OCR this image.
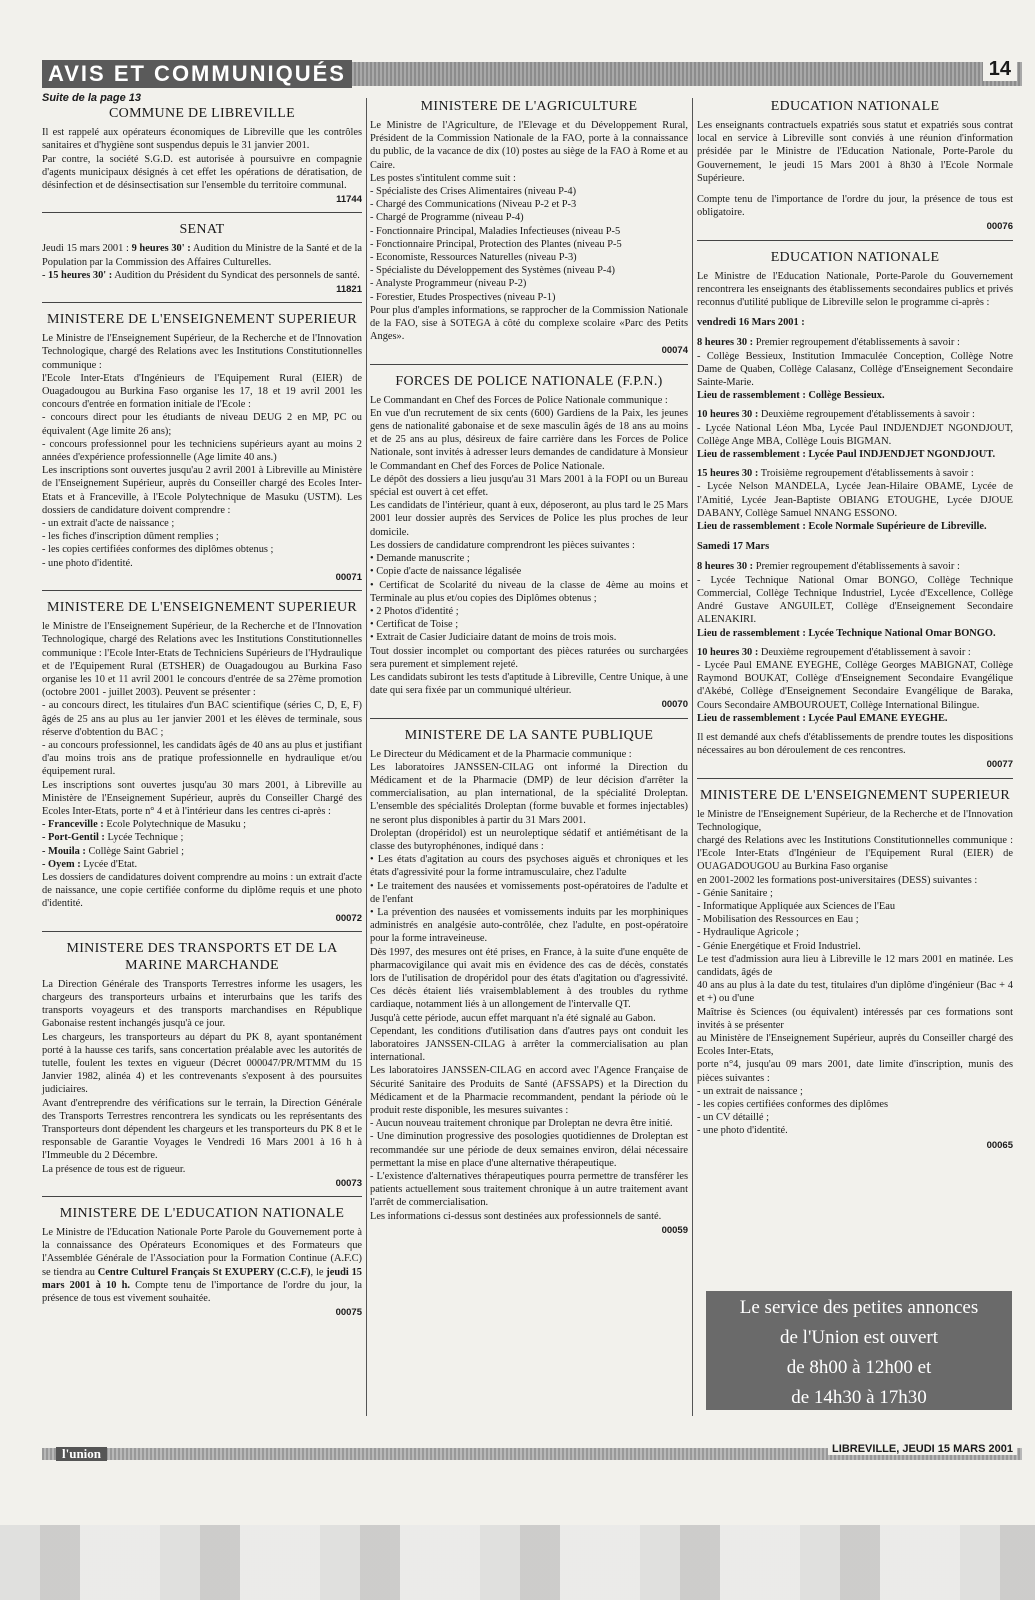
AVIS ET COMMUNIQUÉS	14

Suite de la page 13

COMMUNE DE LIBREVILLE

Il est rappelé aux opérateurs économiques de Libreville que les contrôles sanitaires et d'hygiène sont suspendus depuis le 31 janvier 2001.

Par contre, la société S.G.D. est autorisée à poursuivre en compagnie d'agents municipaux désignés à cet effet les opérations de dératisation, de désinfection et de désinsectisation sur l'ensemble du territoire communal.

11744
SENAT

Jeudi 15 mars 2001 : 9 heures 30' : Audition du Ministre de la Santé et de la Population par la Commission des Affaires Culturelles.

- 15 heures 30' : Audition du Président du Syndicat des personnels de santé.

11821
MINISTERE DE L'ENSEIGNEMENT SUPERIEUR

Le Ministre de l'Enseignement Supérieur, de la Recherche et de l'Innovation Technologique, chargé des Relations avec les Institutions Constitutionnelles communique :

l'Ecole Inter-Etats d'Ingénieurs de l'Equipement Rural (EIER) de Ouagadougou au Burkina Faso organise les 17, 18 et 19 avril 2001 les concours d'entrée en formation initiale de l'Ecole :

- concours direct pour les étudiants de niveau DEUG 2 en MP, PC ou équivalent (Age limite 26 ans);

- concours professionnel pour les techniciens supérieurs ayant au moins 2 années d'expérience professionnelle (Age limite 40 ans.)

Les inscriptions sont ouvertes jusqu'au 2 avril 2001 à Libreville au Ministère de l'Enseignement Supérieur, auprès du Conseiller chargé des Ecoles Inter-Etats et à Franceville, à l'Ecole Polytechnique de Masuku (USTM). Les dossiers de candidature doivent comprendre :

- un extrait d'acte de naissance ;

- les fiches d'inscription dûment remplies ;

- les copies certifiées conformes des diplômes obtenus ;

- une photo d'identité.

00071
MINISTERE DE L'ENSEIGNEMENT SUPERIEUR

le Ministre de l'Enseignement Supérieur, de la Recherche et de l'Innovation Technologique, chargé des Relations avec les Institutions Constitutionnelles communique : l'Ecole Inter-Etats de Techniciens Supérieurs de l'Hydraulique et de l'Equipement Rural (ETSHER) de Ouagadougou au Burkina Faso organise les 10 et 11 avril 2001 le concours d'entrée de sa 27ème promotion (octobre 2001 - juillet 2003). Peuvent se présenter :

- au concours direct, les titulaires d'un BAC scientifique (séries C, D, E, F) âgés de 25 ans au plus au 1er janvier 2001 et les élèves de terminale, sous réserve d'obtention du BAC ;

- au concours professionnel, les candidats âgés de 40 ans au plus et justifiant d'au moins trois ans de pratique professionnelle en hydraulique et/ou équipement rural.

Les inscriptions sont ouvertes jusqu'au 30 mars 2001, à Libreville au Ministère de l'Enseignement Supérieur, auprès du Conseiller Chargé des Ecoles Inter-Etats, porte n° 4 et à l'intérieur dans les centres ci-après :

- Franceville : Ecole Polytechnique de Masuku ;

- Port-Gentil : Lycée Technique ;

- Mouila : Collège Saint Gabriel ;

- Oyem : Lycée d'Etat.

Les dossiers de candidatures doivent comprendre au moins : un extrait d'acte de naissance, une copie certifiée conforme du diplôme requis et une photo d'identité.

00072
MINISTERE DES TRANSPORTS ET DE LA MARINE MARCHANDE

La Direction Générale des Transports Terrestres informe les usagers, les chargeurs des transporteurs urbains et interurbains que les tarifs des transports voyageurs et des transports marchandises en République Gabonaise restent inchangés jusqu'à ce jour.

Les chargeurs, les transporteurs au départ du PK 8, ayant spontanément porté à la hausse ces tarifs, sans concertation préalable avec les autorités de tutelle, foulent les textes en vigueur (Décret 000047/PR/MTMM du 15 Janvier 1982, alinéa 4) et les contrevenants s'exposent à des poursuites judiciaires.

Avant d'entreprendre des vérifications sur le terrain, la Direction Générale des Transports Terrestres rencontrera les syndicats ou les représentants des Transporteurs dont dépendent les chargeurs et les transporteurs du PK 8 et le responsable de Garantie Voyages le Vendredi 16 Mars 2001 à 16 h à l'Immeuble du 2 Décembre.

La présence de tous est de rigueur.

00073
MINISTERE DE L'EDUCATION NATIONALE

Le Ministre de l'Education Nationale Porte Parole du Gouvernement porte à la connaissance des Opérateurs Economiques et des Formateurs que l'Assemblée Générale de l'Association pour la Formation Continue (A.F.C) se tiendra au Centre Culturel Français St EXUPERY (C.C.F), le jeudi 15 mars 2001 à 10 h. Compte tenu de l'importance de l'ordre du jour, la présence de tous est vivement souhaitée.

00075
MINISTERE DE L'AGRICULTURE

Le Ministre de l'Agriculture, de l'Elevage et du Développement Rural, Président de la Commission Nationale de la FAO, porte à la connaissance du public, de la vacance de dix (10) postes au siège de la FAO à Rome et au Caire.

Les postes s'intitulent comme suit :

- Spécialiste des Crises Alimentaires (niveau P-4)

- Chargé des Communications (Niveau P-2 et P-3

- Chargé de Programme (niveau P-4)

- Fonctionnaire Principal, Maladies Infectieuses (niveau P-5

- Fonctionnaire Principal, Protection des Plantes (niveau P-5

- Economiste, Ressources Naturelles (niveau P-3)

- Spécialiste du Développement des Systèmes (niveau P-4)

- Analyste Programmeur (niveau P-2)

- Forestier, Etudes Prospectives (niveau P-1)

Pour plus d'amples informations, se rapprocher de la Commission Nationale de la FAO, sise à SOTEGA à côté du complexe scolaire «Parc des Petits Anges».

00074
FORCES DE POLICE NATIONALE (F.P.N.)

Le Commandant en Chef des Forces de Police Nationale communique :

En vue d'un recrutement de six cents (600) Gardiens de la Paix, les jeunes gens de nationalité gabonaise et de sexe masculin âgés de 18 ans au moins et de 25 ans au plus, désireux de faire carrière dans les Forces de Police Nationale, sont invités à adresser leurs demandes de candidature à Monsieur le Commandant en Chef des Forces de Police Nationale.

Le dépôt des dossiers a lieu jusqu'au 31 Mars 2001 à la FOPI ou un Bureau spécial est ouvert à cet effet.

Les candidats de l'intérieur, quant à eux, déposeront, au plus tard le 25 Mars 2001 leur dossier auprès des Services de Police les plus proches de leur domicile.

Les dossiers de candidature comprendront les pièces suivantes :

• Demande manuscrite ;

• Copie d'acte de naissance légalisée

• Certificat de Scolarité du niveau de la classe de 4ème au moins et Terminale au plus et/ou copies des Diplômes obtenus ;

• 2 Photos d'identité ;

• Certificat de Toise ;

• Extrait de Casier Judiciaire datant de moins de trois mois.

Tout dossier incomplet ou comportant des pièces raturées ou surchargées sera purement et simplement rejeté.

Les candidats subiront les tests d'aptitude à Libreville, Centre Unique, à une date qui sera fixée par un communiqué ultérieur.

00070
MINISTERE DE LA SANTE PUBLIQUE

Le Directeur du Médicament et de la Pharmacie communique :

Les laboratoires JANSSEN-CILAG ont informé la Direction du Médicament et de la Pharmacie (DMP) de leur décision d'arrêter la commercialisation, au plan international, de la spécialité Droleptan. L'ensemble des spécialités Droleptan (forme buvable et formes injectables) ne seront plus disponibles à partir du 31 Mars 2001.

Droleptan (dropéridol) est un neuroleptique sédatif et antiémétisant de la classe des butyrophénones, indiqué dans :

• Les états d'agitation au cours des psychoses aiguës et chroniques et les états d'agressivité pour la forme intramusculaire, chez l'adulte

• Le traitement des nausées et vomissements post-opératoires de l'adulte et de l'enfant

• La prévention des nausées et vomissements induits par les morphiniques administrés en analgésie auto-contrôlée, chez l'adulte, en post-opératoire pour la forme intraveineuse.

Dès 1997, des mesures ont été prises, en France, à la suite d'une enquête de pharmacovigilance qui avait mis en évidence des cas de décès, constatés lors de l'utilisation de dropéridol pour des états d'agitation ou d'agressivité. Ces décès étaient liés vraisemblablement à des troubles du rythme cardiaque, notamment liés à un allongement de l'intervalle QT.

Jusqu'à cette période, aucun effet marquant n'a été signalé au Gabon.

Cependant, les conditions d'utilisation dans d'autres pays ont conduit les laboratoires JANSSEN-CILAG à arrêter la commercialisation au plan international.

Les laboratoires JANSSEN-CILAG en accord avec l'Agence Française de Sécurité Sanitaire des Produits de Santé (AFSSAPS) et la Direction du Médicament et de la Pharmacie recommandent, pendant la période où le produit reste disponible, les mesures suivantes :

- Aucun nouveau traitement chronique par Droleptan ne devra être initié.

- Une diminution progressive des posologies quotidiennes de Droleptan est recommandée sur une période de deux semaines environ, délai nécessaire permettant la mise en place d'une alternative thérapeutique.

- L'existence d'alternatives thérapeutiques pourra permettre de transférer les patients actuellement sous traitement chronique à un autre traitement avant l'arrêt de commercialisation.

Les informations ci-dessus sont destinées aux professionnels de santé.

00059
EDUCATION NATIONALE

Les enseignants contractuels expatriés sous statut et expatriés sous contrat local en service à Libreville sont conviés à une réunion d'information présidée par le Ministre de l'Education Nationale, Porte-Parole du Gouvernement, le jeudi 15 Mars 2001 à 8h30 à l'Ecole Normale Supérieure.

Compte tenu de l'importance de l'ordre du jour, la présence de tous est obligatoire.

00076
EDUCATION NATIONALE

Le Ministre de l'Education Nationale, Porte-Parole du Gouvernement rencontrera les enseignants des établissements secondaires publics et privés reconnus d'utilité publique de Libreville selon le programme ci-après :

vendredi 16 Mars 2001 :

8 heures 30 : Premier regroupement d'établissements à savoir :

- Collège Bessieux, Institution Immaculée Conception, Collège Notre Dame de Quaben, Collège Calasanz, Collège d'Enseignement Secondaire Sainte-Marie.

Lieu de rassemblement : Collège Bessieux.

10 heures 30 : Deuxième regroupement d'établissements à savoir :

- Lycée National Léon Mba, Lycée Paul INDJENDJET NGONDJOUT, Collège Ange MBA, Collège Louis BIGMAN.

Lieu de rassemblement : Lycée Paul INDJENDJET NGONDJOUT.

15 heures 30 : Troisième regroupement d'établissements à savoir :

- Lycée Nelson MANDELA, Lycée Jean-Hilaire OBAME, Lycée de l'Amitié, Lycée Jean-Baptiste OBIANG ETOUGHE, Lycée DJOUE DABANY, Collège Samuel NNANG ESSONO.

Lieu de rassemblement : Ecole Normale Supérieure de Libreville.

Samedi 17 Mars

8 heures 30 : Premier regroupement d'établissements à savoir :

- Lycée Technique National Omar BONGO, Collège Technique Commercial, Collège Technique Industriel, Lycée d'Excellence, Collège André Gustave ANGUILET, Collège d'Enseignement Secondaire ALENAKIRI.

Lieu de rassemblement : Lycée Technique National Omar BONGO.

10 heures 30 : Deuxième regroupement d'établissement à savoir :

- Lycée Paul EMANE EYEGHE, Collège Georges MABIGNAT, Collège Raymond BOUKAT, Collège d'Enseignement Secondaire Evangélique d'Akébé, Collège d'Enseignement Secondaire Evangélique de Baraka, Cours Secondaire AMBOUROUET, Collège International Bilingue.

Lieu de rassemblement : Lycée Paul EMANE EYEGHE.

Il est demandé aux chefs d'établissements de prendre toutes les dispositions nécessaires au bon déroulement de ces rencontres.

00077
MINISTERE DE L'ENSEIGNEMENT SUPERIEUR

le Ministre de l'Enseignement Supérieur, de la Recherche et de l'Innovation Technologique,

chargé des Relations avec les Institutions Constitutionnelles communique : l'Ecole Inter-Etats d'Ingénieur de l'Equipement Rural (EIER) de OUAGADOUGOU au Burkina Faso organise

en 2001-2002 les formations post-universitaires (DESS) suivantes :

- Génie Sanitaire ;

- Informatique Appliquée aux Sciences de l'Eau

- Mobilisation des Ressources en Eau ;

- Hydraulique Agricole ;

- Génie Energétique et Froid Industriel.

Le test d'admission aura lieu à Libreville le 12 mars 2001 en matinée. Les candidats, âgés de

40 ans au plus à la date du test, titulaires d'un diplôme d'ingénieur (Bac + 4 et +) ou d'une

Maîtrise ès Sciences (ou équivalent) intéressés par ces formations sont invités à se présenter

au Ministère de l'Enseignement Supérieur, auprès du Conseiller chargé des Ecoles Inter-Etats,

porte n°4, jusqu'au 09 mars 2001, date limite d'inscription, munis des pièces suivantes :

- un extrait de naissance ;

- les copies certifiées conformes des diplômes

- un CV détaillé ;

- une photo d'identité.

00065
Le service des petites annonces
de l'Union est ouvert
de 8h00 à 12h00 et
de 14h30 à 17h30
l'union	LIBREVILLE, JEUDI 15 MARS 2001
